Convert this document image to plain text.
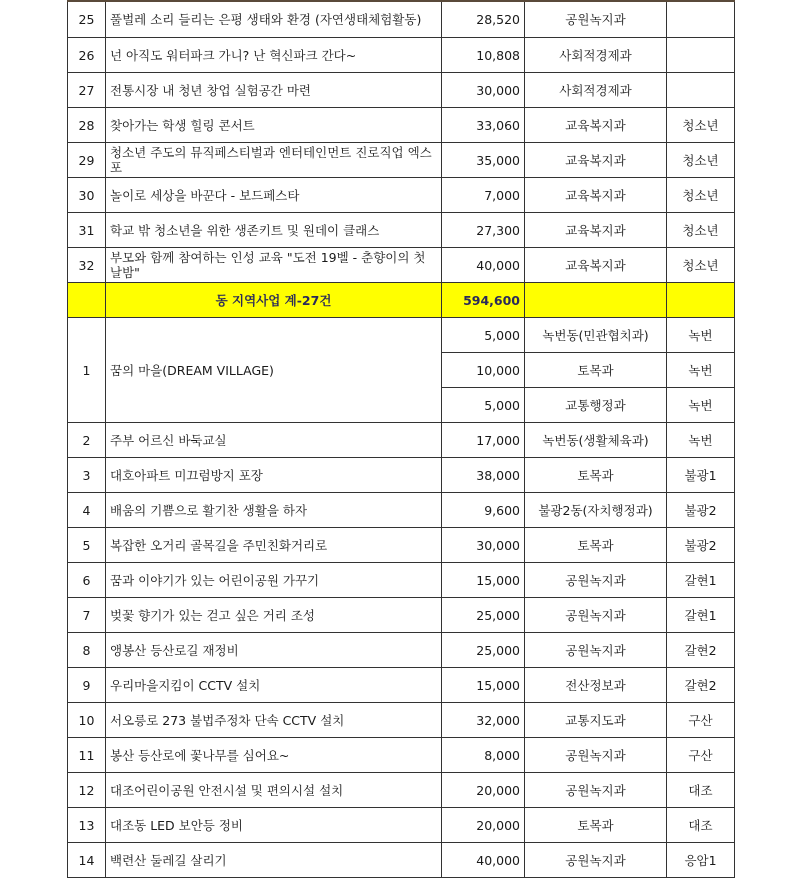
25	풀벌레 소리 들리는 은평 생태와 환경 (자연생태체험활동)	28,520	공원녹지과	
26	넌 아직도 워터파크 가니? 난 혁신파크 간다~	10,808	사회적경제과	
27	전통시장 내 청년 창업 실험공간 마련	30,000	사회적경제과	
28	찾아가는 학생 힐링 콘서트	33,060	교육복지과	청소년
29	청소년 주도의 뮤직페스티벌과 엔터테인먼트 진로직업 엑스포	35,000	교육복지과	청소년
30	놀이로 세상을 바꾼다 - 보드페스타	7,000	교육복지과	청소년
31	학교 밖 청소년을 위한 생존키트 및 원데이 클래스	27,300	교육복지과	청소년
32	부모와 함께 참여하는 인성 교육 "도전 19벨 - 춘향이의 첫날밤"	40,000	교육복지과	청소년
	동 지역사업 계-27건	594,600		
1	꿈의 마을(DREAM VILLAGE)	5,000	녹번동(민관협치과)	녹번
		10,000	토목과	녹번
		5,000	교통행정과	녹번
2	주부 어르신 바둑교실	17,000	녹번동(생활체육과)	녹번
3	대호아파트 미끄럼방지 포장	38,000	토목과	불광1
4	배움의 기쁨으로 활기찬 생활을 하자	9,600	불광2동(자치행정과)	불광2
5	복잡한 오거리 골목길을 주민친화거리로	30,000	토목과	불광2
6	꿈과 이야기가 있는 어린이공원 가꾸기	15,000	공원녹지과	갈현1
7	벚꽃 향기가 있는 걷고 싶은 거리 조성	25,000	공원녹지과	갈현1
8	앵봉산 등산로길 재정비	25,000	공원녹지과	갈현2
9	우리마을지킴이 CCTV 설치	15,000	전산정보과	갈현2
10	서오릉로 273 불법주정차 단속 CCTV 설치	32,000	교통지도과	구산
11	봉산 등산로에 꽃나무를 심어요~	8,000	공원녹지과	구산
12	대조어린이공원 안전시설 및 편의시설 설치	20,000	공원녹지과	대조
13	대조동 LED 보안등 정비	20,000	토목과	대조
14	백련산 둘레길 살리기	40,000	공원녹지과	응암1
